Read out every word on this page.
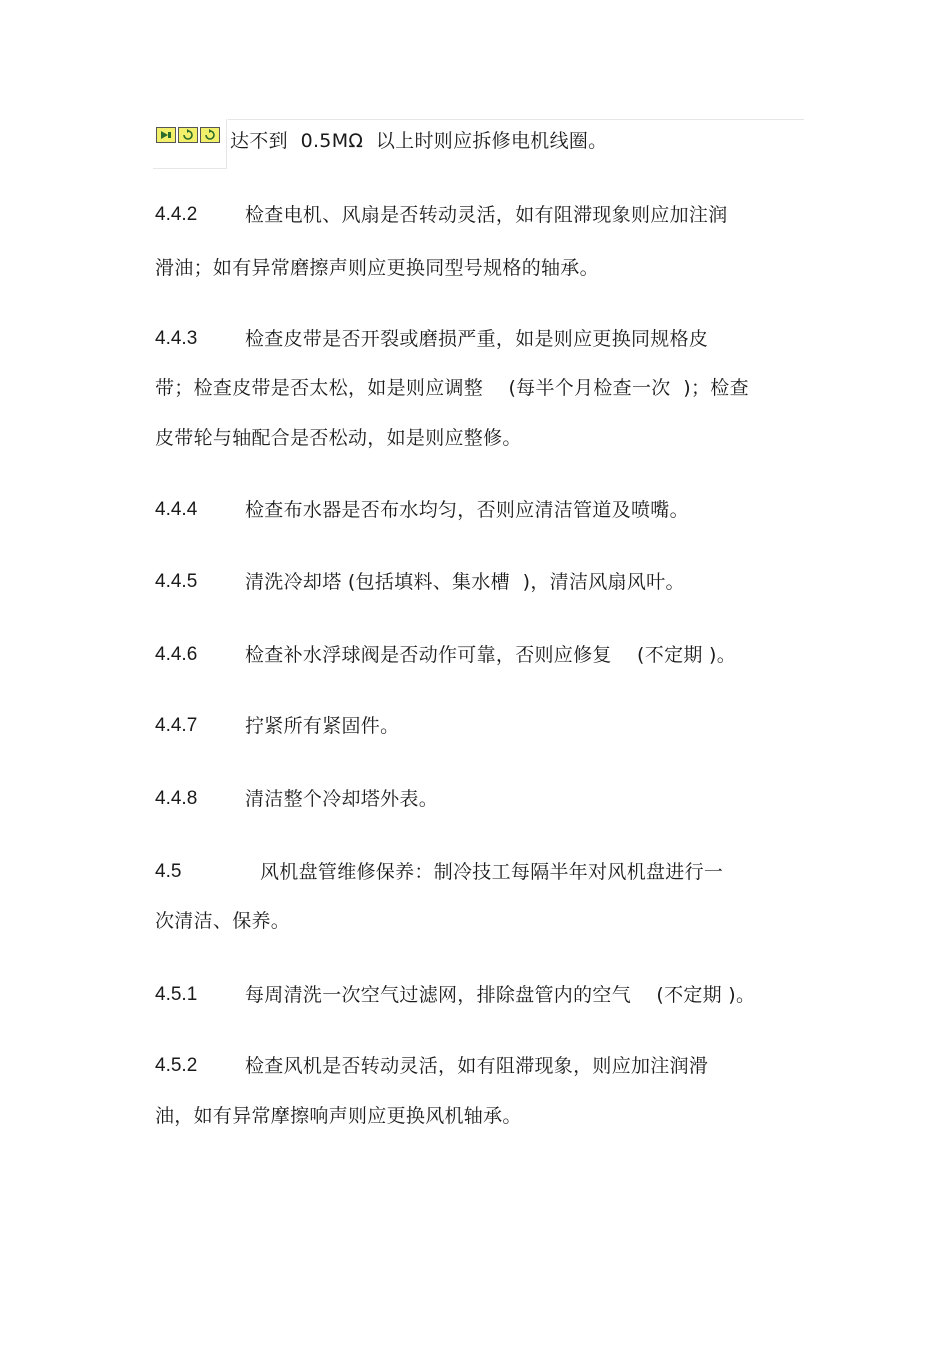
达不到  0.5MΩ  以上时则应拆修电机线圈。
4.4.2	检查电机、风扇是否转动灵活，如有阻滞现象则应加注润
滑油；如有异常磨擦声则应更换同型号规格的轴承。
4.4.3	检查皮带是否开裂或磨损严重，如是则应更换同规格皮
带；检查皮带是否太松，如是则应调整    (每半个月检查一次  )；检查
皮带轮与轴配合是否松动，如是则应整修。
4.4.4	检查布水器是否布水均匀，否则应清洁管道及喷嘴。
4.4.5	清洗冷却塔 (包括填料、集水槽  )，清洁风扇风叶。
4.4.6	检查补水浮球阀是否动作可靠，否则应修复    (不定期 )。
4.4.7	拧紧所有紧固件。
4.4.8	清洁整个冷却塔外表。
4.5	风机盘管维修保养：制冷技工每隔半年对风机盘进行一
次清洁、保养。
4.5.1	每周清洗一次空气过滤网，排除盘管内的空气    (不定期 )。
4.5.2	检查风机是否转动灵活，如有阻滞现象，则应加注润滑
油，如有异常摩擦响声则应更换风机轴承。
